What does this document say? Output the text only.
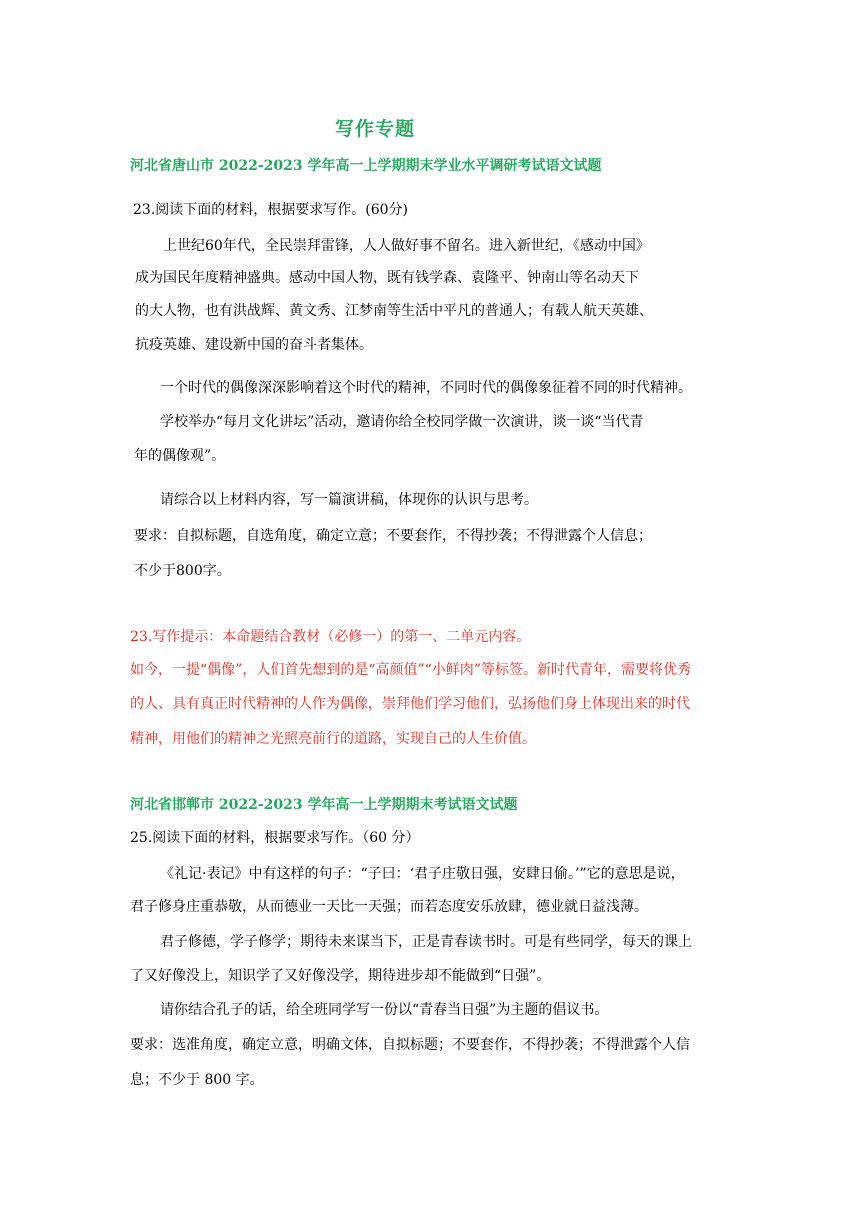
写作专题
河北省唐山市 2022-2023 学年高一上学期期末学业水平调研考试语文试题
23.阅读下面的材料，根据要求写作。(60分)
上世纪60年代，全民崇拜雷锋，人人做好事不留名。进入新世纪，《感动中国》
成为国民年度精神盛典。感动中国人物，既有钱学森、袁隆平、钟南山等名动天下
的大人物，也有洪战辉、黄文秀、江梦南等生活中平凡的普通人；有载人航天英雄、
抗疫英雄、建设新中国的奋斗者集体。
一个时代的偶像深深影响着这个时代的精神，不同时代的偶像象征着不同的时代精神。
学校举办“每月文化讲坛”活动，邀请你给全校同学做一次演讲，谈一谈“当代青
年的偶像观”。
请综合以上材料内容，写一篇演讲稿，体现你的认识与思考。
要求：自拟标题，自选角度，确定立意；不要套作，不得抄袭；不得泄露个人信息；
不少于800字。
23.写作提示：本命题结合教材（必修一）的第一、二单元内容。
如今，一提“偶像”，人们首先想到的是“高颜值”“小鲜肉”等标签。新时代青年，需要将优秀
的人、具有真正时代精神的人作为偶像，崇拜他们学习他们，弘扬他们身上体现出来的时代
精神，用他们的精神之光照亮前行的道路，实现自己的人生价值。
河北省邯郸市 2022-2023 学年高一上学期期末考试语文试题
25.阅读下面的材料，根据要求写作。（60 分）
《礼记·表记》中有这样的句子：“子曰：‘君子庄敬日强，安肆日偷。’”它的意思是说，
君子修身庄重恭敬，从而德业一天比一天强；而若态度安乐放肆，德业就日益浅薄。
君子修德，学子修学；期待未来谋当下，正是青春读书时。可是有些同学，每天的课上
了又好像没上，知识学了又好像没学，期待进步却不能做到“日强”。
请你结合孔子的话，给全班同学写一份以“青春当日强”为主题的倡议书。
要求：选准角度，确定立意，明确文体，自拟标题；不要套作，不得抄袭；不得泄露个人信
息；不少于 800 字。
